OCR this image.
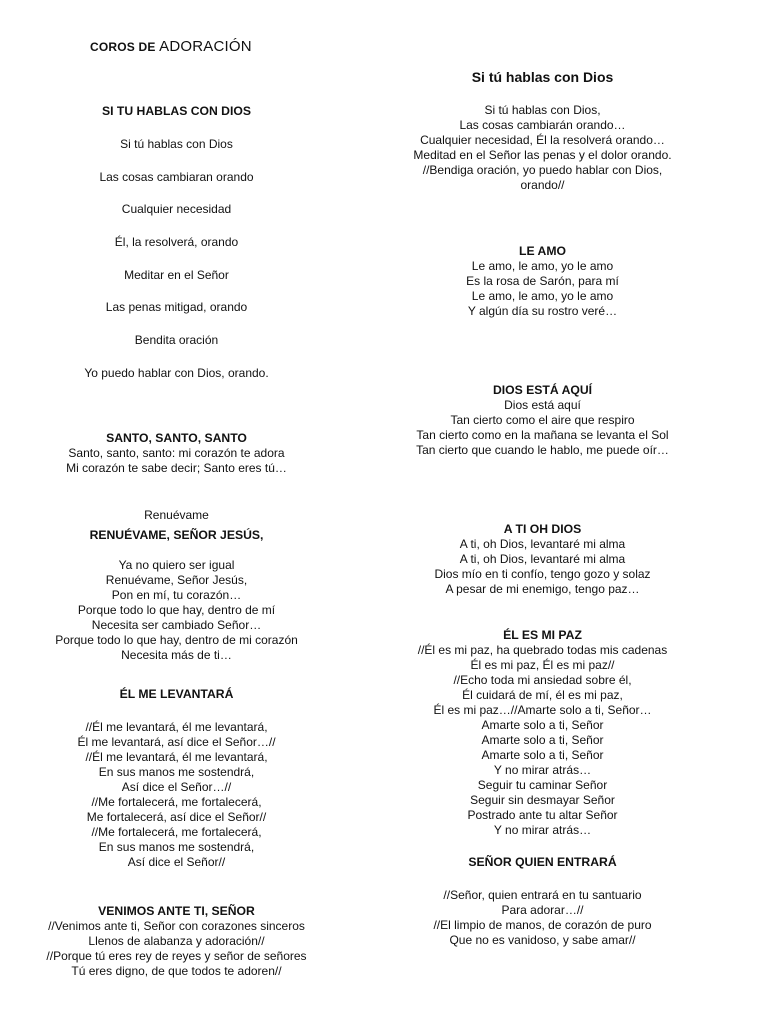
COROS DE ADORACIÓN
SI TU HABLAS CON DIOS
Si tú hablas con Dios
Las cosas cambiaran orando
Cualquier necesidad
Él, la resolverá, orando
Meditar en el Señor
Las penas mitigad, orando
Bendita oración
Yo puedo hablar con Dios, orando.
SANTO, SANTO, SANTO
Santo, santo, santo: mi corazón te adora
Mi corazón te sabe decir; Santo eres tú…
Renuévame
RENUÉVAME, SEÑOR JESÚS,
Ya no quiero ser igual
Renuévame, Señor Jesús,
Pon en mí, tu corazón…
Porque todo lo que hay, dentro de mí
Necesita ser cambiado Señor…
Porque todo lo que hay, dentro de mi corazón
Necesita más de ti…
ÉL ME LEVANTARÁ
//Él me levantará, él me levantará,
Él me levantará, así dice el Señor…//
//Él me levantará, él me levantará,
En sus manos me sostendrá,
Así dice el Señor…//
//Me fortalecerá, me fortalecerá,
Me fortalecerá, así dice el Señor//
//Me fortalecerá, me fortalecerá,
En sus manos me sostendrá,
Así dice el Señor//
VENIMOS ANTE TI, SEÑOR
//Venimos ante ti, Señor con corazones sinceros
Llenos de alabanza y adoración//
//Porque tú eres rey de reyes y señor de señores
Tú eres digno, de que todos te adoren//
Si tú hablas con Dios
Si tú hablas con Dios,
Las cosas cambiarán orando…
Cualquier necesidad, Él la resolverá orando…
Meditad en el Señor las penas y el dolor orando.
//Bendiga oración, yo puedo hablar con Dios,
orando//
LE AMO
Le amo, le amo, yo le amo
Es la rosa de Sarón, para mí
Le amo, le amo, yo le amo
Y algún día su rostro veré…
DIOS ESTÁ AQUÍ
Dios está aquí
Tan cierto como el aire que respiro
Tan cierto como en la mañana se levanta el Sol
Tan cierto que cuando le hablo, me puede oír…
A TI OH DIOS
A ti, oh Dios, levantaré mi alma
A ti, oh Dios, levantaré mi alma
Dios mío en ti confío, tengo gozo y solaz
A pesar de mi enemigo, tengo paz…
ÉL ES MI PAZ
//Él es mi paz, ha quebrado todas mis cadenas
Él es mi paz, Él es mi paz//
//Echo toda mi ansiedad sobre él,
Él cuidará de mí, él es mi paz,
Él es mi paz…//Amarte solo a ti, Señor…
Amarte solo a ti, Señor
Amarte solo a ti, Señor
Amarte solo a ti, Señor
Y no mirar atrás…
Seguir tu caminar Señor
Seguir sin desmayar Señor
Postrado ante tu altar Señor
Y no mirar atrás…
SEÑOR QUIEN ENTRARÁ
//Señor, quien entrará en tu santuario
Para adorar…//
//El limpio de manos, de corazón de puro
Que no es vanidoso, y sabe amar//
